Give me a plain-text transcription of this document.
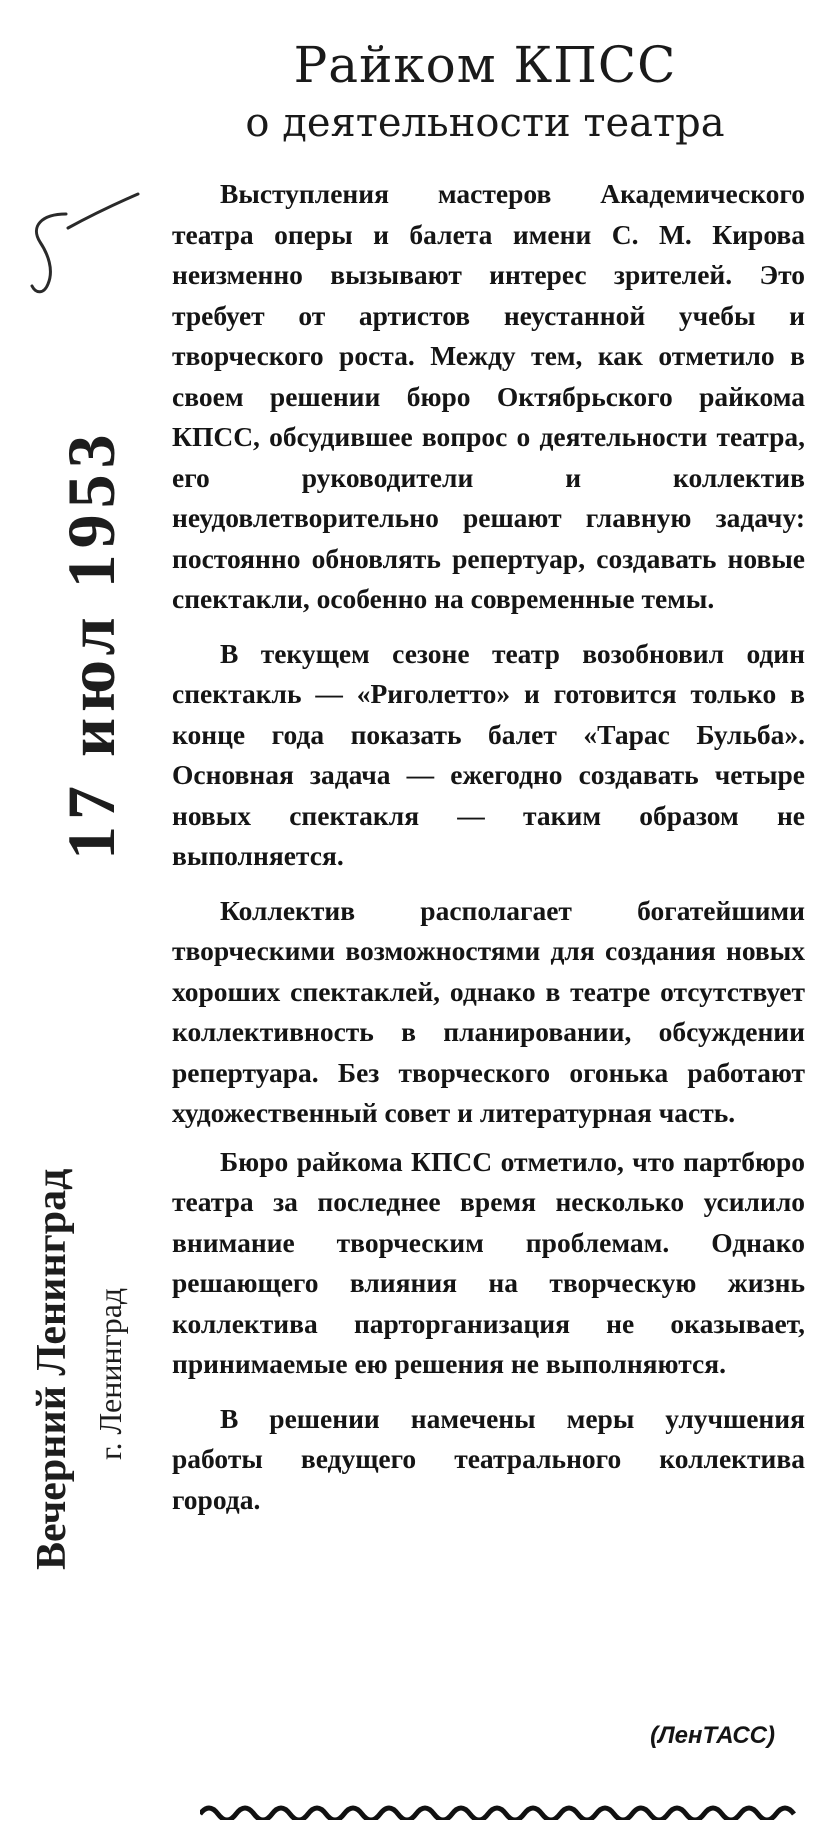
Райком КПСС
о деятельности театра

Выступления мастеров Академического театра оперы и балета имени С. М. Кирова неизменно вызывают интерес зрителей. Это требует от артистов неустанной учебы и творческого роста. Между тем, как отметило в своем решении бюро Октябрьского райкома КПСС, обсудившее вопрос о деятельности театра, его руководители и коллектив неудовлетворительно решают главную задачу: постоянно обновлять репертуар, создавать новые спектакли, особенно на современные темы.

В текущем сезоне театр возобновил один спектакль — «Риголетто» и готовится только в конце года показать балет «Тарас Бульба». Основная задача — ежегодно создавать четыре новых спектакля — таким образом не выполняется.

Коллектив располагает богатейшими творческими возможностями для создания новых хороших спектаклей, однако в театре отсутствует коллективность в планировании, обсуждении репертуара. Без творческого огонька работают художественный совет и литературная часть.

Бюро райкома КПСС отметило, что партбюро театра за последнее время несколько усилило внимание творческим проблемам. Однако решающего влияния на творческую жизнь коллектива парторганизация не оказывает, принимаемые ею решения не выполняются.

В решении намечены меры улучшения работы ведущего театрального коллектива города.

(ЛенТАСС)
17 июл 1953
Вечерний Ленинград г. Ленинград
